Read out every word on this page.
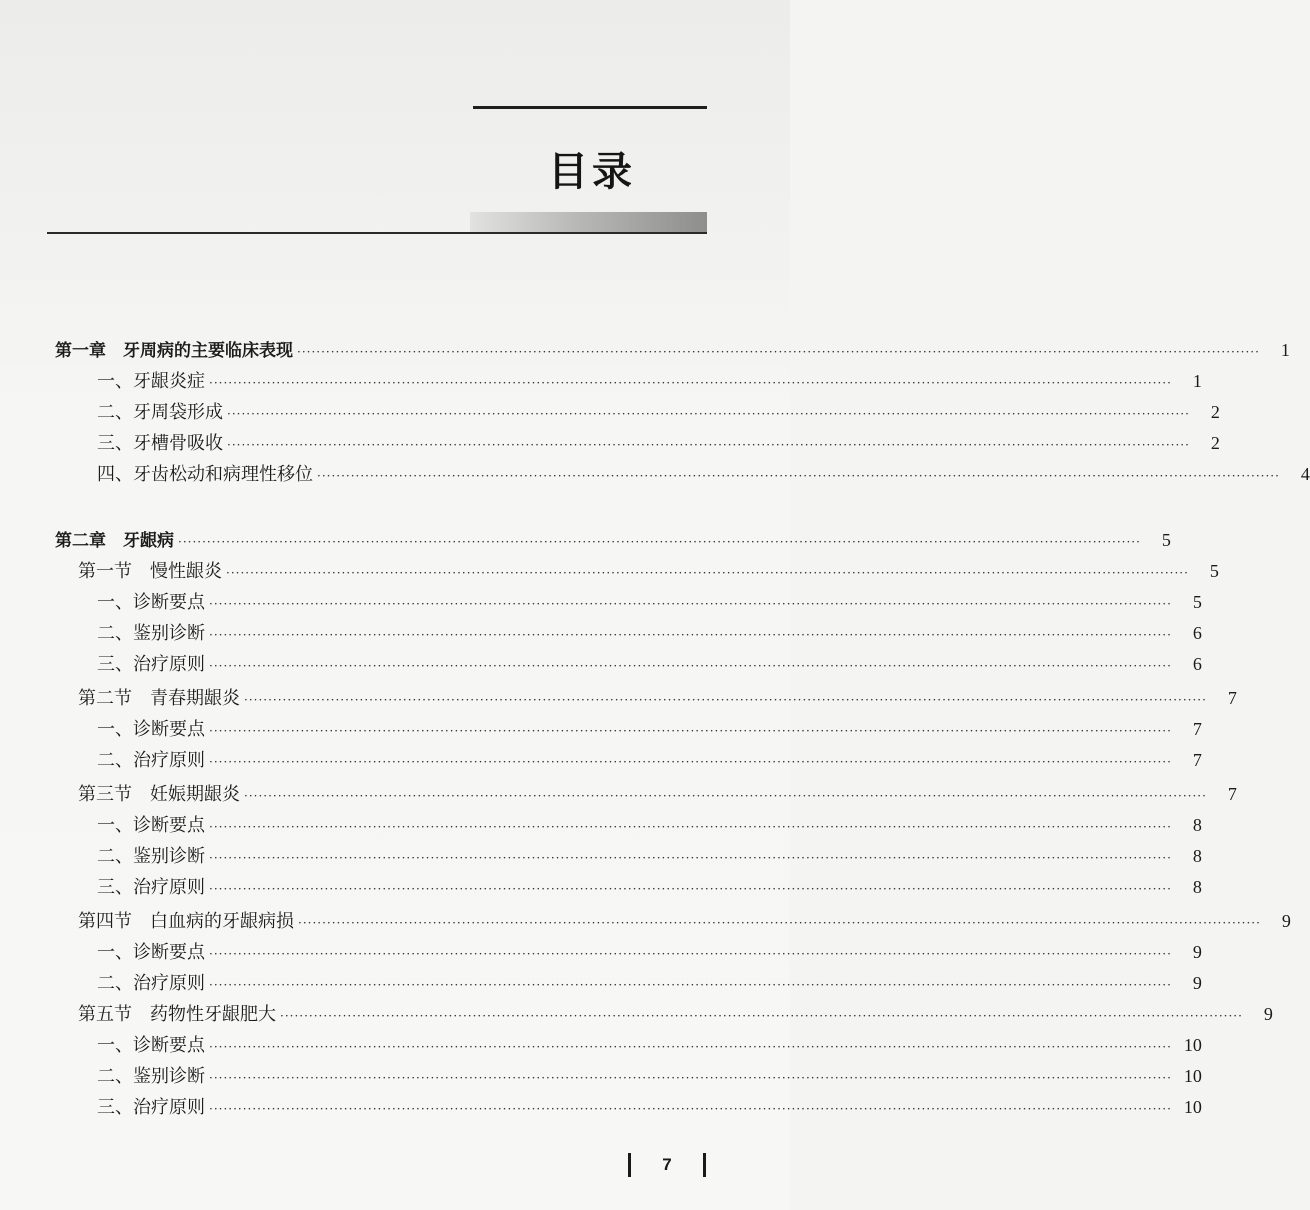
目录
第一章　牙周病的主要临床表现 ········································································································································································································	1
一、牙龈炎症 ········································································································································································································	1
二、牙周袋形成 ········································································································································································································	2
三、牙槽骨吸收 ········································································································································································································	2
四、牙齿松动和病理性移位 ········································································································································································································	4
第二章　牙龈病 ········································································································································································································	5
第一节　慢性龈炎 ········································································································································································································	5
一、诊断要点 ········································································································································································································	5
二、鉴别诊断 ········································································································································································································	6
三、治疗原则 ········································································································································································································	6
第二节　青春期龈炎 ········································································································································································································	7
一、诊断要点 ········································································································································································································	7
二、治疗原则 ········································································································································································································	7
第三节　妊娠期龈炎 ········································································································································································································	7
一、诊断要点 ········································································································································································································	8
二、鉴别诊断 ········································································································································································································	8
三、治疗原则 ········································································································································································································	8
第四节　白血病的牙龈病损 ········································································································································································································	9
一、诊断要点 ········································································································································································································	9
二、治疗原则 ········································································································································································································	9
第五节　药物性牙龈肥大 ········································································································································································································	9
一、诊断要点 ········································································································································································································ 10
二、鉴别诊断 ········································································································································································································ 10
三、治疗原则 ········································································································································································································ 10
7
